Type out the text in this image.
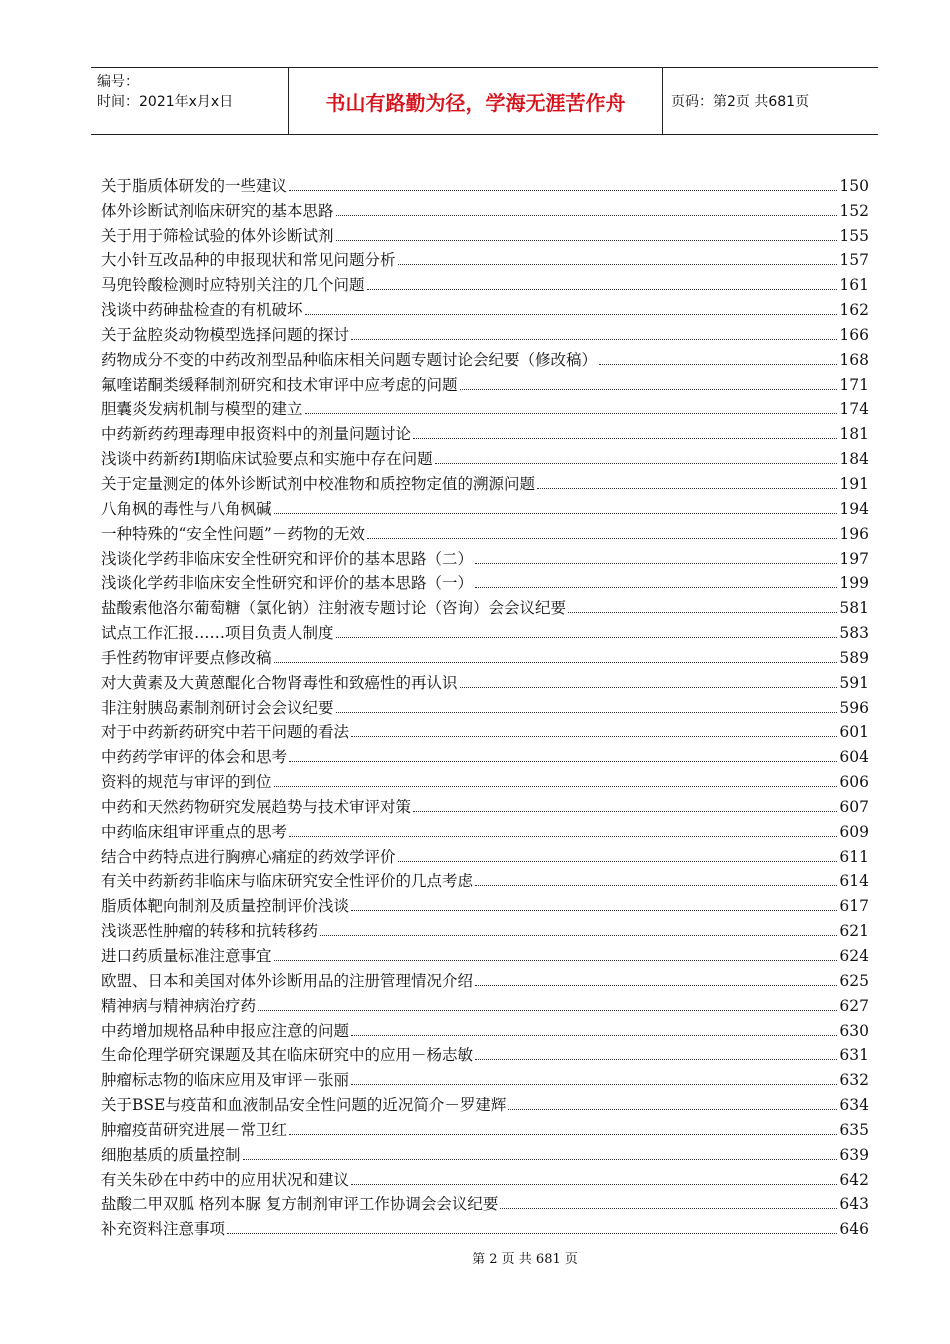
编号：
时间：2021年x月x日	书山有路勤为径，学海无涯苦作舟	页码：第2页 共681页
关于脂质体研发的一些建议	150
体外诊断试剂临床研究的基本思路	152
关于用于筛检试验的体外诊断试剂	155
大小针互改品种的申报现状和常见问题分析	157
马兜铃酸检测时应特别关注的几个问题	161
浅谈中药砷盐检查的有机破坏	162
关于盆腔炎动物模型选择问题的探讨	166
药物成分不变的中药改剂型品种临床相关问题专题讨论会纪要（修改稿）	168
氟喹诺酮类缓释制剂研究和技术审评中应考虑的问题	171
胆囊炎发病机制与模型的建立	174
中药新药药理毒理申报资料中的剂量问题讨论	181
浅谈中药新药I期临床试验要点和实施中存在问题	184
关于定量测定的体外诊断试剂中校准物和质控物定值的溯源问题	191
八角枫的毒性与八角枫碱	194
一种特殊的“安全性问题”－药物的无效	196
浅谈化学药非临床安全性研究和评价的基本思路（二）	197
浅谈化学药非临床安全性研究和评价的基本思路（一）	199
盐酸索他洛尔葡萄糖（氯化钠）注射液专题讨论（咨询）会会议纪要	581
试点工作汇报……项目负责人制度	583
手性药物审评要点修改稿	589
对大黄素及大黄蒽醌化合物肾毒性和致癌性的再认识	591
非注射胰岛素制剂研讨会会议纪要	596
对于中药新药研究中若干问题的看法	601
中药药学审评的体会和思考	604
资料的规范与审评的到位	606
中药和天然药物研究发展趋势与技术审评对策	607
中药临床组审评重点的思考	609
结合中药特点进行胸痹心痛症的药效学评价	611
有关中药新药非临床与临床研究安全性评价的几点考虑	614
脂质体靶向制剂及质量控制评价浅谈	617
浅谈恶性肿瘤的转移和抗转移药	621
进口药质量标准注意事宜	624
欧盟、日本和美国对体外诊断用品的注册管理情况介绍	625
精神病与精神病治疗药	627
中药增加规格品种申报应注意的问题	630
生命伦理学研究课题及其在临床研究中的应用－杨志敏	631
肿瘤标志物的临床应用及审评－张丽	632
关于BSE与疫苗和血液制品安全性问题的近况简介－罗建辉	634
肿瘤疫苗研究进展－常卫红	635
细胞基质的质量控制	639
有关朱砂在中药中的应用状况和建议	642
盐酸二甲双胍 格列本脲 复方制剂审评工作协调会会议纪要	643
补充资料注意事项	646
第 2 页 共 681 页
